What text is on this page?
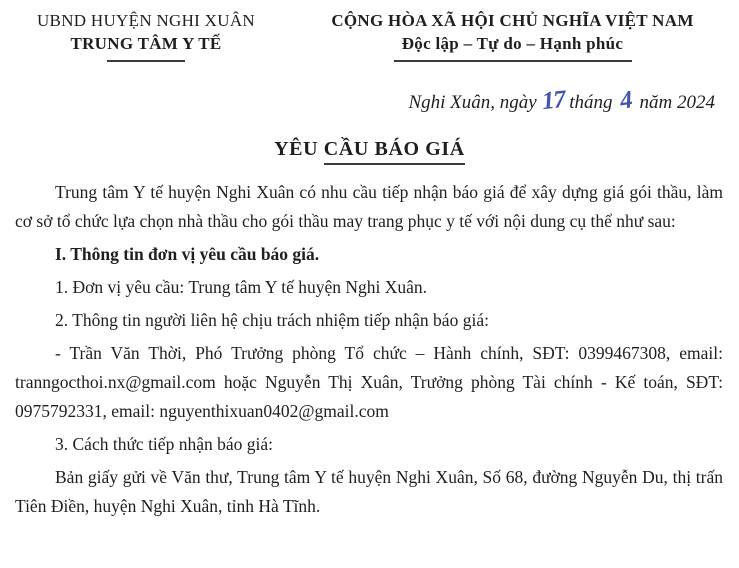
UBND HUYỆN NGHI XUÂN
TRUNG TÂM Y TẾ
CỘNG HÒA XÃ HỘI CHỦ NGHĨA VIỆT NAM
Độc lập – Tự do – Hạnh phúc
Nghi Xuân, ngày 17 tháng 4 năm 2024
YÊU CẦU BÁO GIÁ

Trung tâm Y tế huyện Nghi Xuân có nhu cầu tiếp nhận báo giá để xây dựng giá gói thầu, làm cơ sở tổ chức lựa chọn nhà thầu cho gói thầu may trang phục y tế với nội dung cụ thể như sau:

I. Thông tin đơn vị yêu cầu báo giá.

1. Đơn vị yêu cầu: Trung tâm Y tế huyện Nghi Xuân.

2. Thông tin người liên hệ chịu trách nhiệm tiếp nhận báo giá:

- Trần Văn Thời, Phó Trưởng phòng Tổ chức – Hành chính, SĐT: 0399467308, email: tranngocthoi.nx@gmail.com hoặc Nguyễn Thị Xuân, Trưởng phòng Tài chính - Kế toán, SĐT: 0975792331, email: nguyenthixuan0402@gmail.com

3. Cách thức tiếp nhận báo giá:

Bản giấy gửi về Văn thư, Trung tâm Y tế huyện Nghi Xuân, Số 68, đường Nguyễn Du, thị trấn Tiên Điền, huyện Nghi Xuân, tỉnh Hà Tĩnh.
